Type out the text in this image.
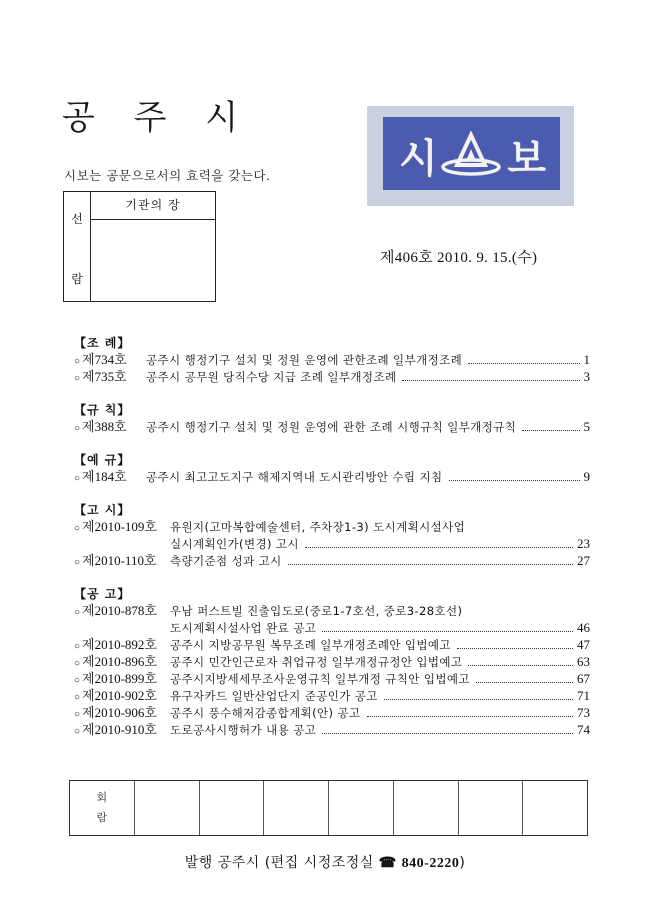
공 주 시
시보는 공문으로서의 효력을 갖는다.
선
람
기관의 장
시 보
제406호 2010. 9. 15.(수)
【조 례】
○ 제734호	공주시 행정기구 설치 및 정원 운영에 관한조례 일부개정조례	1
○ 제735호	공주시 공무원 당직수당 지급 조례 일부개정조례	3
【규 칙】
○ 제388호	공주시 행정기구 설치 및 정원 운영에 관한 조례 시행규칙 일부개정규칙	5
【예 규】
○ 제184호	공주시 최고고도지구 해제지역내 도시관리방안 수립 지침	9
【고 시】
○ 제2010-109호	유원지(고마복합예술센터, 주차장1-3) 도시계획시설사업
실시계획인가(변경) 고시	23
○ 제2010-110호	측량기준점 성과 고시	27
【공 고】
○ 제2010-878호	우남 퍼스트빌 진출입도로(중로1-7호선, 중로3-28호선)
도시계획시설사업 완료 공고	46
○ 제2010-892호	공주시 지방공무원 복무조례 일부개정조례안 입법예고	47
○ 제2010-896호	공주시 민간인근로자 취업규정 일부개정규정안 입법예고	63
○ 제2010-899호	공주시지방세세무조사운영규칙 일부개정 규칙안 입법예고	67
○ 제2010-902호	유구자카드 일반산업단지 준공인가 공고	71
○ 제2010-906호	공주시 풍수해저감종합계획(안) 공고	73
○ 제2010-910호	도로공사시행허가 내용 공고	74
회
람
발행 공주시 (편집 시정조정실 ☎ 840-2220)
